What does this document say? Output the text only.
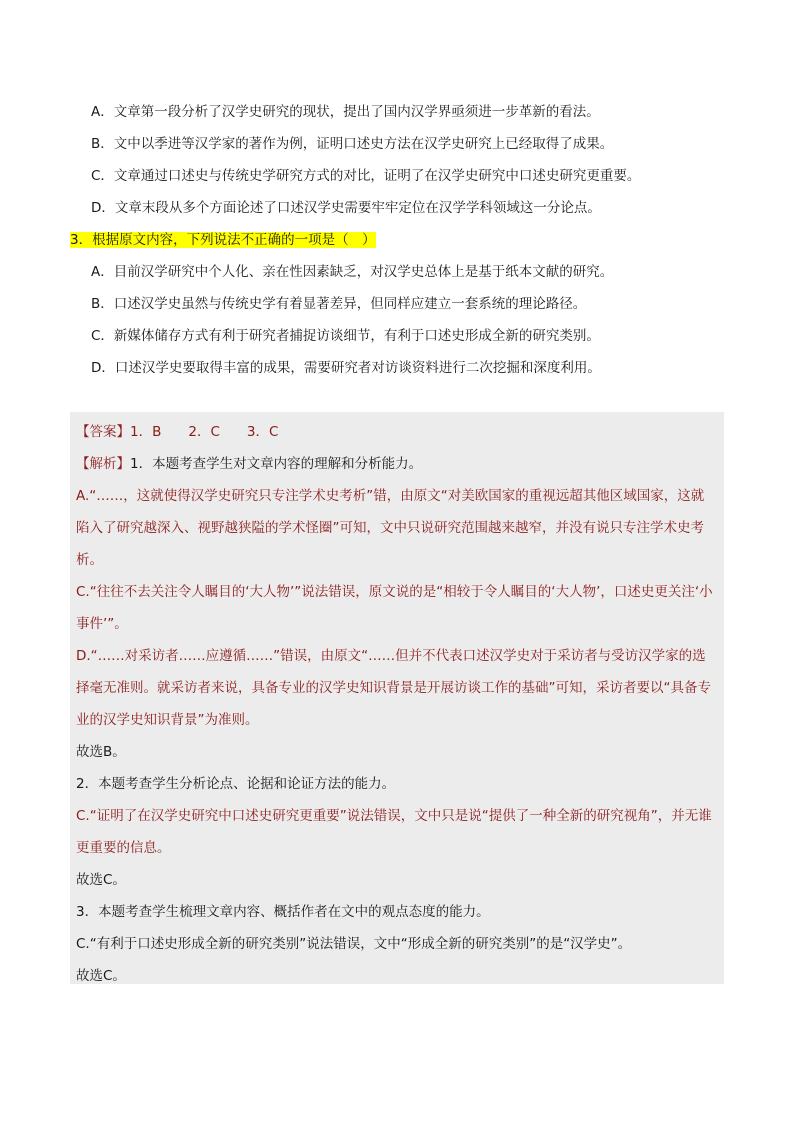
A．文章第一段分析了汉学史研究的现状，提出了国内汉学界亟须进一步革新的看法。
B．文中以季进等汉学家的著作为例，证明口述史方法在汉学史研究上已经取得了成果。
C．文章通过口述史与传统史学研究方式的对比，证明了在汉学史研究中口述史研究更重要。
D．文章末段从多个方面论述了口述汉学史需要牢牢定位在汉学学科领域这一分论点。
3．根据原文内容，下列说法不正确的一项是（　）
A．目前汉学研究中个人化、亲在性因素缺乏，对汉学史总体上是基于纸本文献的研究。
B．口述汉学史虽然与传统史学有着显著差异，但同样应建立一套系统的理论路径。
C．新媒体储存方式有利于研究者捕捉访谈细节，有利于口述史形成全新的研究类别。
D．口述汉学史要取得丰富的成果，需要研究者对访谈资料进行二次挖掘和深度利用。
【答案】1．B　　2．C　　3．C
【解析】1．本题考查学生对文章内容的理解和分析能力。
A.“……，这就使得汉学史研究只专注学术史考析”错，由原文“对美欧国家的重视远超其他区域国家，这就
陷入了研究越深入、视野越狭隘的学术怪圈”可知，文中只说研究范围越来越窄，并没有说只专注学术史考
析。
C.“往往不去关注令人瞩目的‘大人物’”说法错误，原文说的是“相较于令人瞩目的‘大人物’，口述史更关注‘小
事件’”。
D.“……对采访者……应遵循……”错误，由原文“……但并不代表口述汉学史对于采访者与受访汉学家的选
择毫无准则。就采访者来说，具备专业的汉学史知识背景是开展访谈工作的基础”可知，采访者要以“具备专
业的汉学史知识背景”为准则。
故选B。
2．本题考查学生分析论点、论据和论证方法的能力。
C.“证明了在汉学史研究中口述史研究更重要”说法错误，文中只是说“提供了一种全新的研究视角”，并无谁
更重要的信息。
故选C。
3．本题考查学生梳理文章内容、概括作者在文中的观点态度的能力。
C.“有利于口述史形成全新的研究类别”说法错误，文中“形成全新的研究类别”的是“汉学史”。
故选C。
